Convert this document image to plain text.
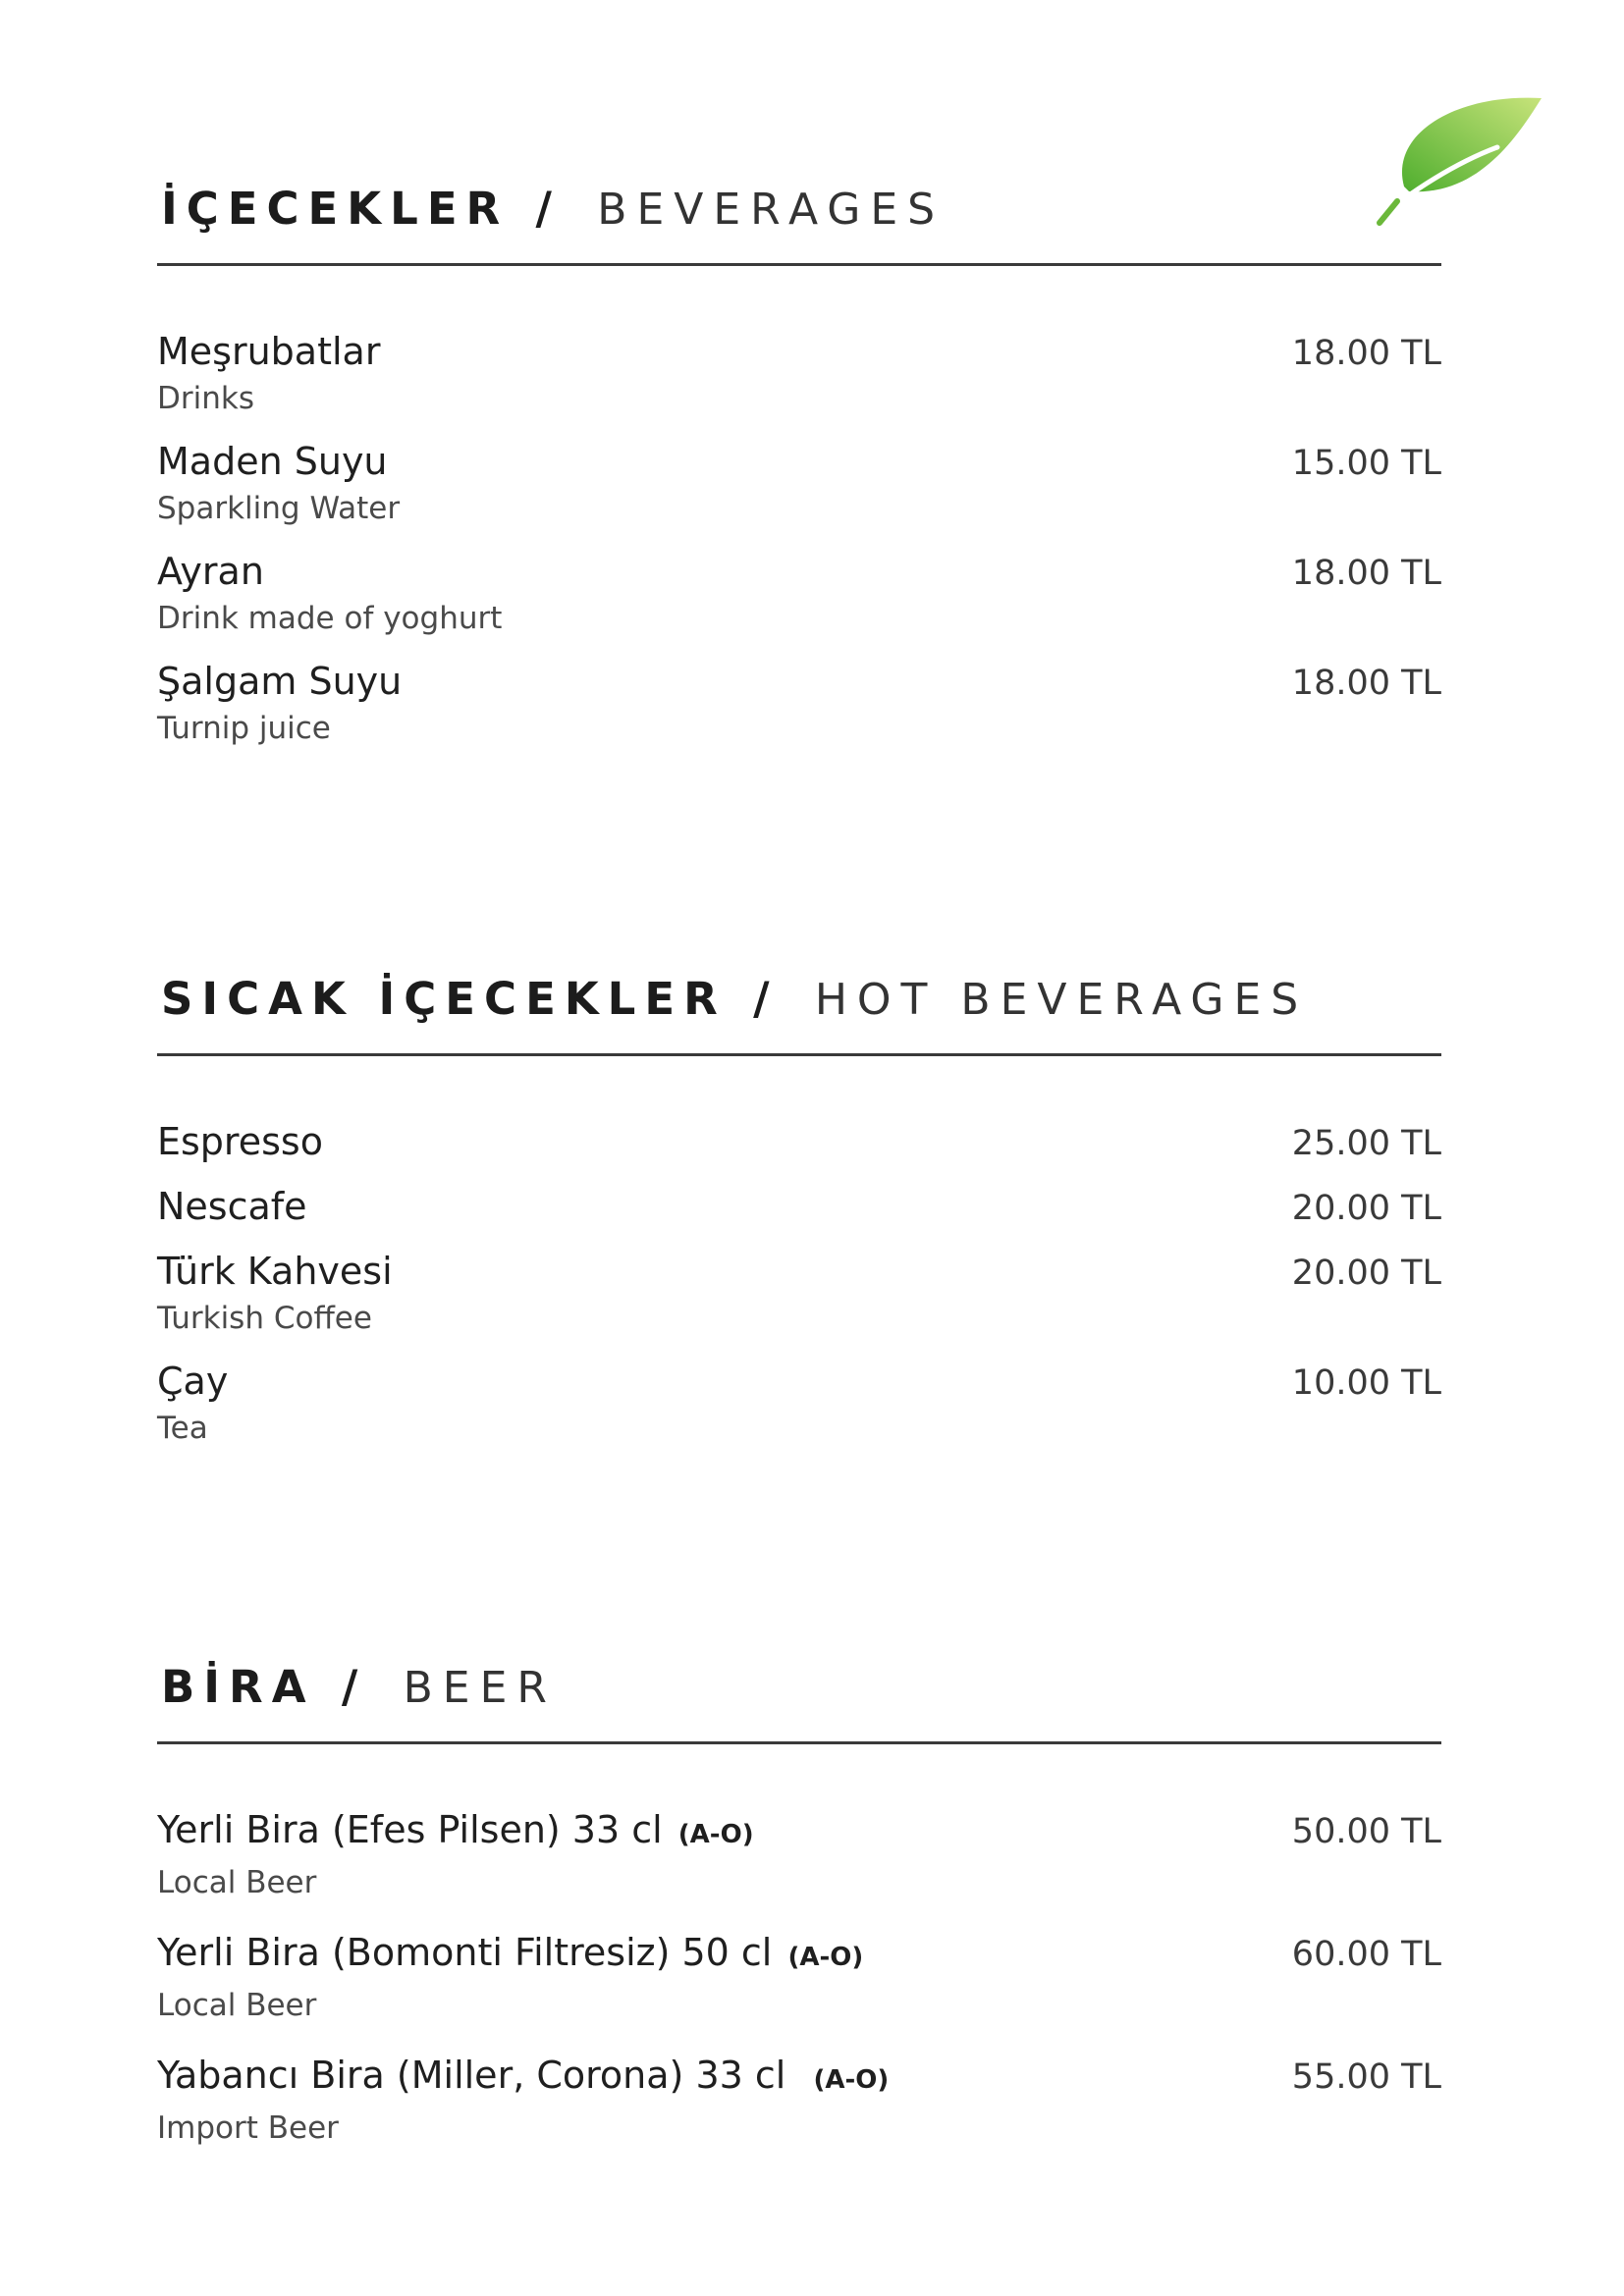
İÇECEKLER / BEVERAGES
Meşrubatlar
Drinks
18.00 TL
Maden Suyu
Sparkling Water
15.00 TL
Ayran
Drink made of yoghurt
18.00 TL
Şalgam Suyu
Turnip juice
18.00 TL
SICAK İÇECEKLER / HOT BEVERAGES
Espresso	25.00 TL
Nescafe	20.00 TL
Türk Kahvesi
Turkish Coffee
20.00 TL
Çay
Tea
10.00 TL
BİRA / BEER
Yerli Bira (Efes Pilsen) 33 cl (A-O)
Local Beer
50.00 TL
Yerli Bira (Bomonti Filtresiz) 50 cl (A-O)
Local Beer
60.00 TL
Yabancı Bira (Miller, Corona) 33 cl (A-O)
Import Beer
55.00 TL
